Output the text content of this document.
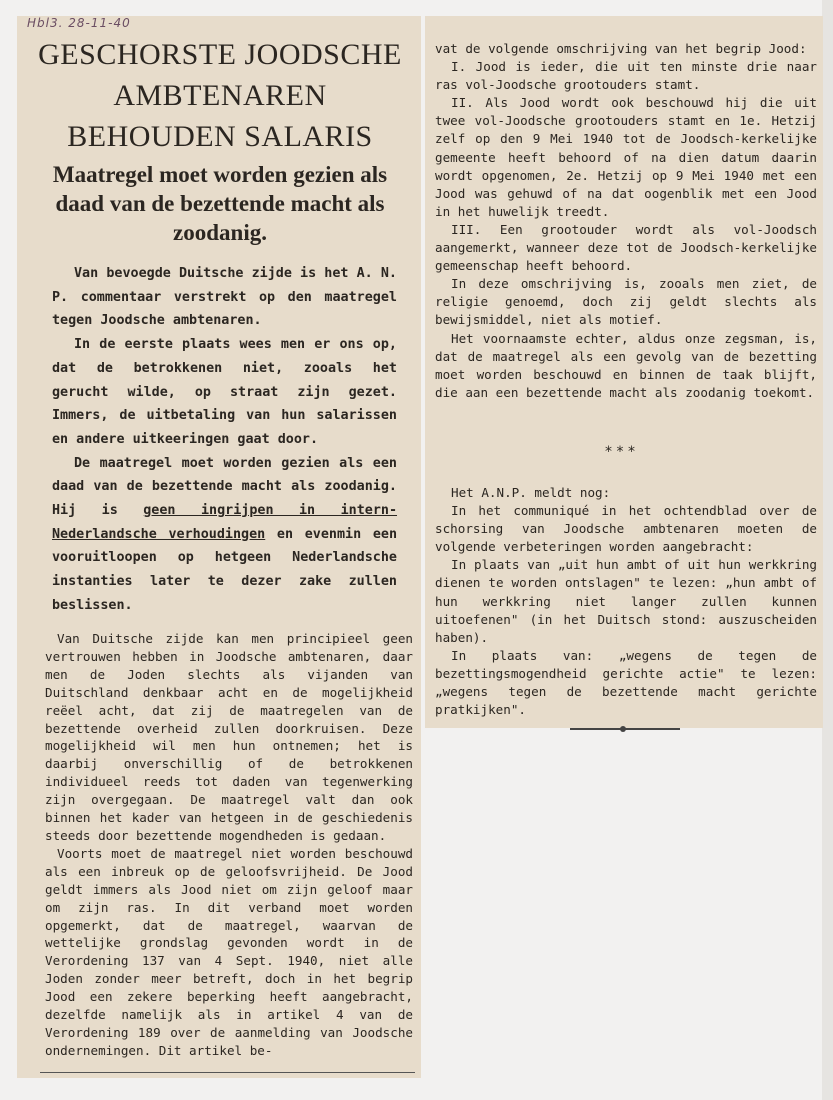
Hbl3. 28-11-40
GESCHORSTE JOODSCHE AMBTENAREN BEHOUDEN SALARIS
Maatregel moet worden gezien als daad van de bezettende macht als zoodanig.

Van bevoegde Duitsche zijde is het A. N. P. commentaar verstrekt op den maatregel tegen Joodsche ambtenaren.

In de eerste plaats wees men er ons op, dat de betrokkenen niet, zooals het gerucht wilde, op straat zijn gezet. Immers, de uitbetaling van hun salarissen en andere uitkeeringen gaat door.

De maatregel moet worden gezien als een daad van de bezettende macht als zoodanig. Hij is geen ingrijpen in intern-Nederlandsche verhoudingen en evenmin een vooruitloopen op hetgeen Nederlandsche instanties later te dezer zake zullen beslissen.

Van Duitsche zijde kan men principieel geen vertrouwen hebben in Joodsche ambtenaren, daar men de Joden slechts als vijanden van Duitschland denkbaar acht en de mogelijkheid reëel acht, dat zij de maatregelen van de bezettende overheid zullen doorkruisen. Deze mogelijkheid wil men hun ontnemen; het is daarbij onverschillig of de betrokkenen individueel reeds tot daden van tegenwerking zijn overgegaan. De maatregel valt dan ook binnen het kader van hetgeen in de geschiedenis steeds door bezettende mogendheden is gedaan.

Voorts moet de maatregel niet worden beschouwd als een inbreuk op de geloofsvrijheid. De Jood geldt immers als Jood niet om zijn geloof maar om zijn ras. In dit verband moet worden opgemerkt, dat de maatregel, waarvan de wettelijke grondslag gevonden wordt in de Verordening 137 van 4 Sept. 1940, niet alle Joden zonder meer betreft, doch in het begrip Jood een zekere beperking heeft aangebracht, dezelfde namelijk als in artikel 4 van de Verordening 189 over de aanmelding van Joodsche ondernemingen. Dit artikel be-

vat de volgende omschrijving van het begrip Jood:

I. Jood is ieder, die uit ten minste drie naar ras vol-Joodsche grootouders stamt.

II. Als Jood wordt ook beschouwd hij die uit twee vol-Joodsche grootouders stamt en 1e. Hetzij zelf op den 9 Mei 1940 tot de Joodsch-kerkelijke gemeente heeft behoord of na dien datum daarin wordt opgenomen, 2e. Hetzij op 9 Mei 1940 met een Jood was gehuwd of na dat oogenblik met een Jood in het huwelijk treedt.

III. Een grootouder wordt als vol-Joodsch aangemerkt, wanneer deze tot de Joodsch-kerkelijke gemeenschap heeft behoord.

In deze omschrijving is, zooals men ziet, de religie genoemd, doch zij geldt slechts als bewijsmiddel, niet als motief.

Het voornaamste echter, aldus onze zegsman, is, dat de maatregel als een gevolg van de bezetting moet worden beschouwd en binnen de taak blijft, die aan een bezettende macht als zoodanig toekomt.

* * *

Het A.N.P. meldt nog:

In het communiqué in het ochtendblad over de schorsing van Joodsche ambtenaren moeten de volgende verbeteringen worden aangebracht:

In plaats van „uit hun ambt of uit hun werkkring dienen te worden ontslagen" te lezen: „hun ambt of hun werkkring niet langer zullen kunnen uitoefenen" (in het Duitsch stond: auszuscheiden haben).

In plaats van: „wegens de tegen de bezettingsmogendheid gerichte actie" te lezen: „wegens tegen de bezettende macht gerichte pratkijken".
